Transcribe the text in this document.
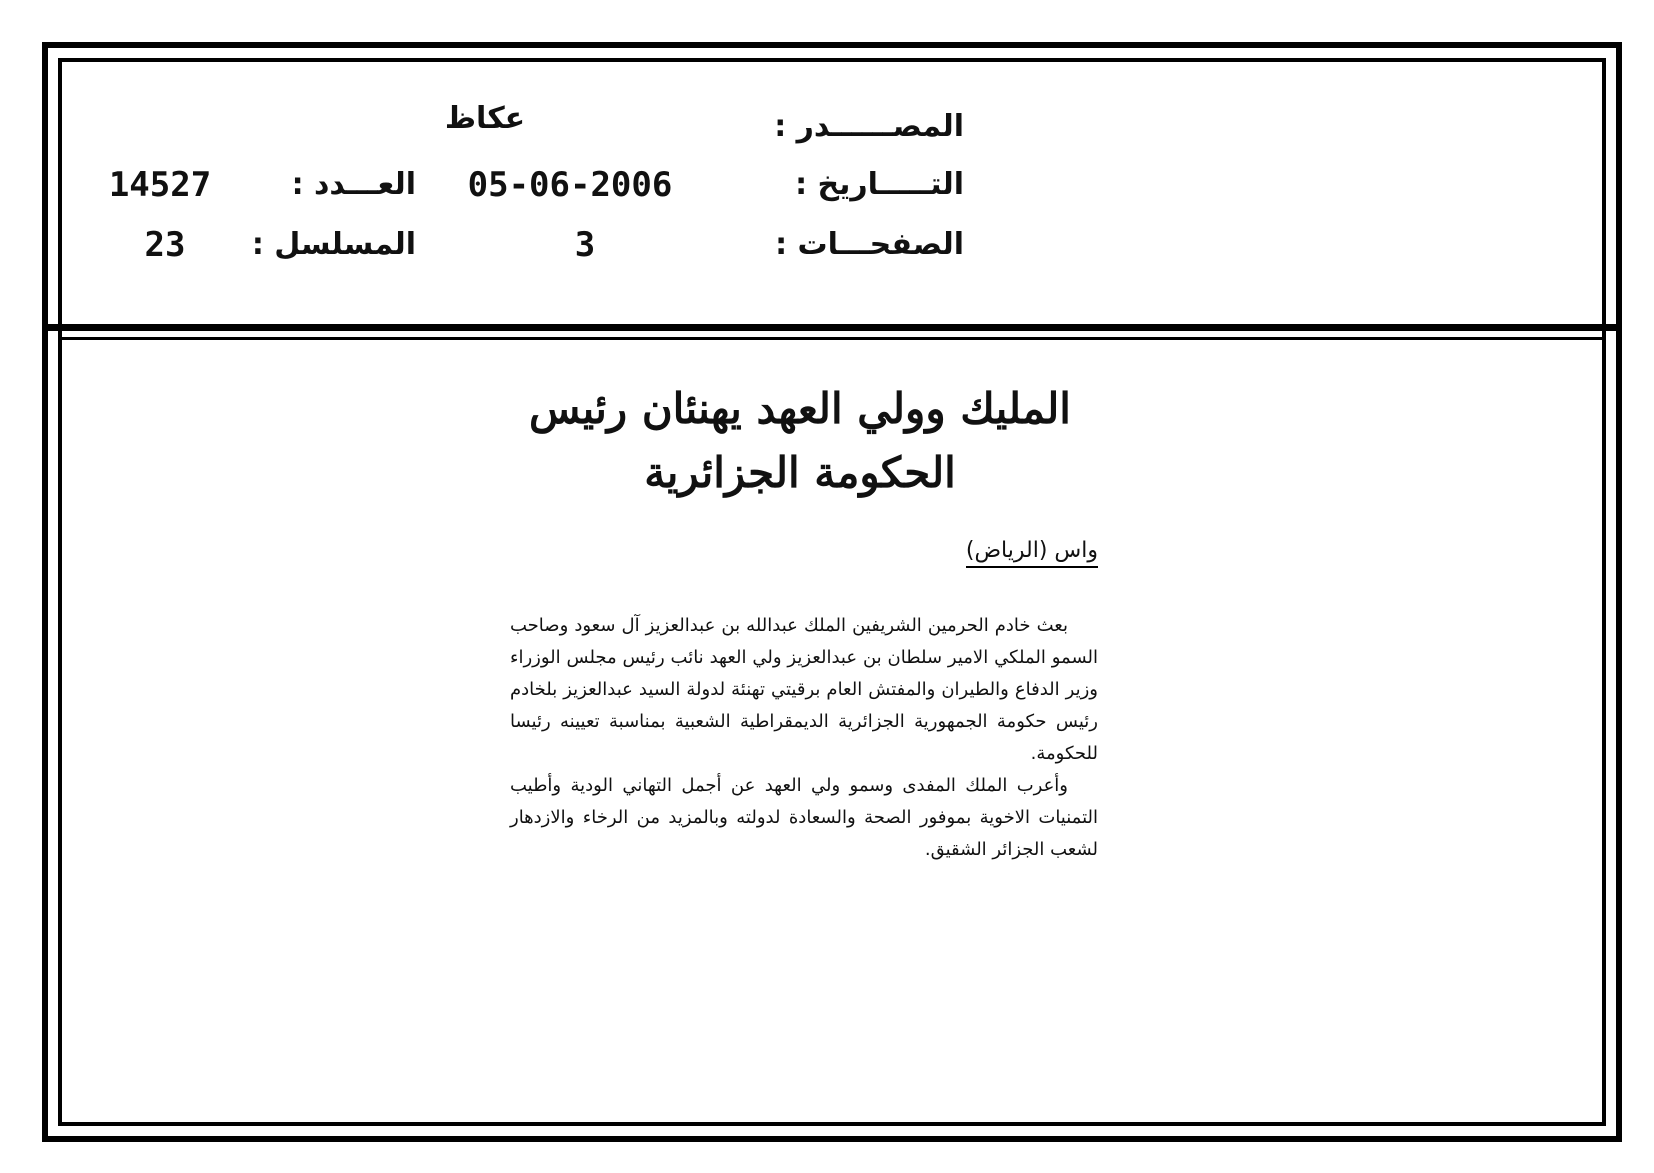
المصــــــدر :
عكاظ
التـــــاريخ :
05-06-2006
العـــدد :
14527
الصفحـــات :
3
المسلسل :
23
المليك وولي العهد يهنئان رئيس
الحكومة الجزائرية
واس (الرياض)

بعث خادم الحرمين الشريفين الملك عبدالله بن عبدالعزيز آل سعود وصاحب السمو الملكي الامير سلطان بن عبدالعزيز ولي العهد نائب رئيس مجلس الوزراء وزير الدفاع والطيران والمفتش العام برقيتي تهنئة لدولة السيد عبدالعزيز بلخادم رئيس حكومة الجمهورية الجزائرية الديمقراطية الشعبية بمناسبة تعيينه رئيسا للحكومة.

وأعرب الملك المفدى وسمو ولي العهد عن أجمل التهاني الودية وأطيب التمنيات الاخوية بموفور الصحة والسعادة لدولته وبالمزيد من الرخاء والازدهار لشعب الجزائر الشقيق.
